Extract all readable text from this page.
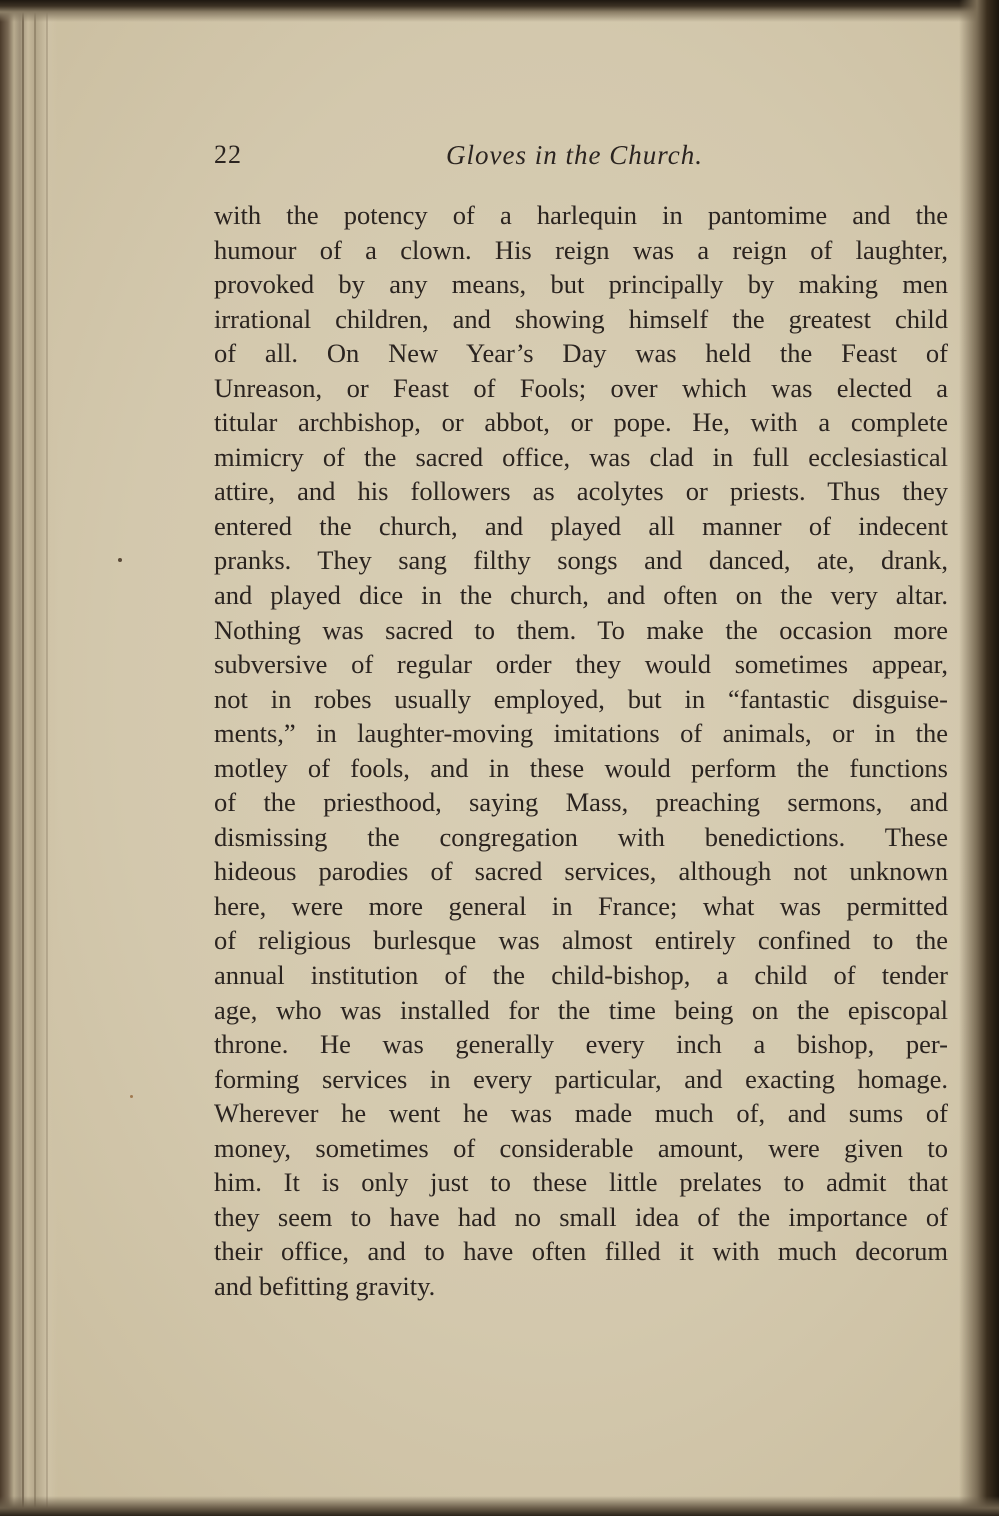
22	Gloves in the Church.
with the potency of a harlequin in pantomime and the
humour of a clown. His reign was a reign of laughter,
provoked by any means, but principally by making men
irrational children, and showing himself the greatest child
of all. On New Year’s Day was held the Feast of
Unreason, or Feast of Fools; over which was elected a
titular archbishop, or abbot, or pope. He, with a complete
mimicry of the sacred office, was clad in full ecclesiastical
attire, and his followers as acolytes or priests. Thus they
entered the church, and played all manner of indecent
pranks. They sang filthy songs and danced, ate, drank,
and played dice in the church, and often on the very altar.
Nothing was sacred to them. To make the occasion more
subversive of regular order they would sometimes appear,
not in robes usually employed, but in “fantastic disguise-
ments,” in laughter-moving imitations of animals, or in the
motley of fools, and in these would perform the functions
of the priesthood, saying Mass, preaching sermons, and
dismissing the congregation with benedictions. These
hideous parodies of sacred services, although not unknown
here, were more general in France; what was permitted
of religious burlesque was almost entirely confined to the
annual institution of the child-bishop, a child of tender
age, who was installed for the time being on the episcopal
throne. He was generally every inch a bishop, per-
forming services in every particular, and exacting homage.
Wherever he went he was made much of, and sums of
money, sometimes of considerable amount, were given to
him. It is only just to these little prelates to admit that
they seem to have had no small idea of the importance of
their office, and to have often filled it with much decorum
and befitting gravity.
